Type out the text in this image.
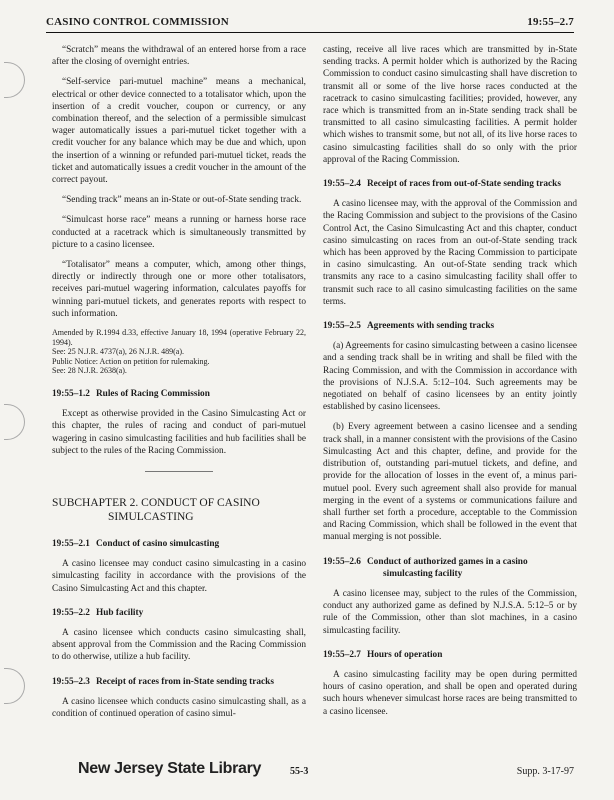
CASINO CONTROL COMMISSION	19:55–2.7

“Scratch” means the withdrawal of an entered horse from a race after the closing of overnight entries.

“Self-service pari-mutuel machine” means a mechanical, electrical or other device connected to a totalisator which, upon the insertion of a credit voucher, coupon or currency, or any combination thereof, and the selection of a permissible simulcast wager automatically issues a pari-mutuel ticket together with a credit voucher for any balance which may be due and which, upon the insertion of a winning or refunded pari-mutuel ticket, reads the ticket and automatically issues a credit voucher in the amount of the correct payout.

“Sending track” means an in-State or out-of-State sending track.

“Simulcast horse race” means a running or harness horse race conducted at a racetrack which is simultaneously transmitted by picture to a casino licensee.

“Totalisator” means a computer, which, among other things, directly or indirectly through one or more other totalisators, receives pari-mutuel wagering information, calculates payoffs for winning pari-mutuel tickets, and generates reports with respect to such information.

Amended by R.1994 d.33, effective January 18, 1994 (operative February 22, 1994).

See: 25 N.J.R. 4737(a), 26 N.J.R. 489(a).

Public Notice: Action on petition for rulemaking.

See: 28 N.J.R. 2638(a).

19:55–1.2 Rules of Racing Commission

Except as otherwise provided in the Casino Simulcasting Act or this chapter, the rules of racing and conduct of pari-mutuel wagering in casino simulcasting facilities and hub facilities shall be subject to the rules of the Racing Commission.

SUBCHAPTER 2. CONDUCT OF CASINO SIMULCASTING
19:55–2.1 Conduct of casino simulcasting

A casino licensee may conduct casino simulcasting in a casino simulcasting facility in accordance with the provisions of the Casino Simulcasting Act and this chapter.

19:55–2.2 Hub facility

A casino licensee which conducts casino simulcasting shall, absent approval from the Commission and the Racing Commission to do otherwise, utilize a hub facility.

19:55–2.3 Receipt of races from in-State sending tracks

A casino licensee which conducts casino simulcasting shall, as a condition of continued operation of casino simul-

casting, receive all live races which are transmitted by in-State sending tracks. A permit holder which is authorized by the Racing Commission to conduct casino simulcasting shall have discretion to transmit all or some of the live horse races conducted at the racetrack to casino simulcasting facilities; provided, however, any race which is transmitted from an in-State sending track shall be transmitted to all casino simulcasting facilities. A permit holder which wishes to transmit some, but not all, of its live horse races to casino simulcasting facilities shall do so only with the prior approval of the Racing Commission.

19:55–2.4 Receipt of races from out-of-State sending tracks

A casino licensee may, with the approval of the Commission and the Racing Commission and subject to the provisions of the Casino Control Act, the Casino Simulcasting Act and this chapter, conduct casino simulcasting on races from an out-of-State sending track which has been approved by the Racing Commission to participate in casino simulcasting. An out-of-State sending track which transmits any race to a casino simulcasting facility shall offer to transmit such race to all casino simulcasting facilities on the same terms.

19:55–2.5 Agreements with sending tracks

(a) Agreements for casino simulcasting between a casino licensee and a sending track shall be in writing and shall be filed with the Racing Commission, and with the Commission in accordance with the provisions of N.J.S.A. 5:12–104. Such agreements may be negotiated on behalf of casino licensees by an entity jointly established by casino licensees.

(b) Every agreement between a casino licensee and a sending track shall, in a manner consistent with the provisions of the Casino Simulcasting Act and this chapter, define, and provide for the distribution of, outstanding pari-mutuel tickets, and define, and provide for the allocation of losses in the event of, a minus pari-mutuel pool. Every such agreement shall also provide for manual merging in the event of a systems or communications failure and shall further set forth a procedure, acceptable to the Commission and Racing Commission, which shall be followed in the event that manual merging is not possible.

19:55–2.6 Conduct of authorized games in a casino simulcasting facility

A casino licensee may, subject to the rules of the Commission, conduct any authorized game as defined by N.J.S.A. 5:12–5 or by rule of the Commission, other than slot machines, in a casino simulcasting facility.

19:55–2.7 Hours of operation

A casino simulcasting facility may be open during permitted hours of casino operation, and shall be open and operated during such hours whenever simulcast horse races are being transmitted to a casino licensee.

New Jersey State Library	55-3	Supp. 3-17-97
